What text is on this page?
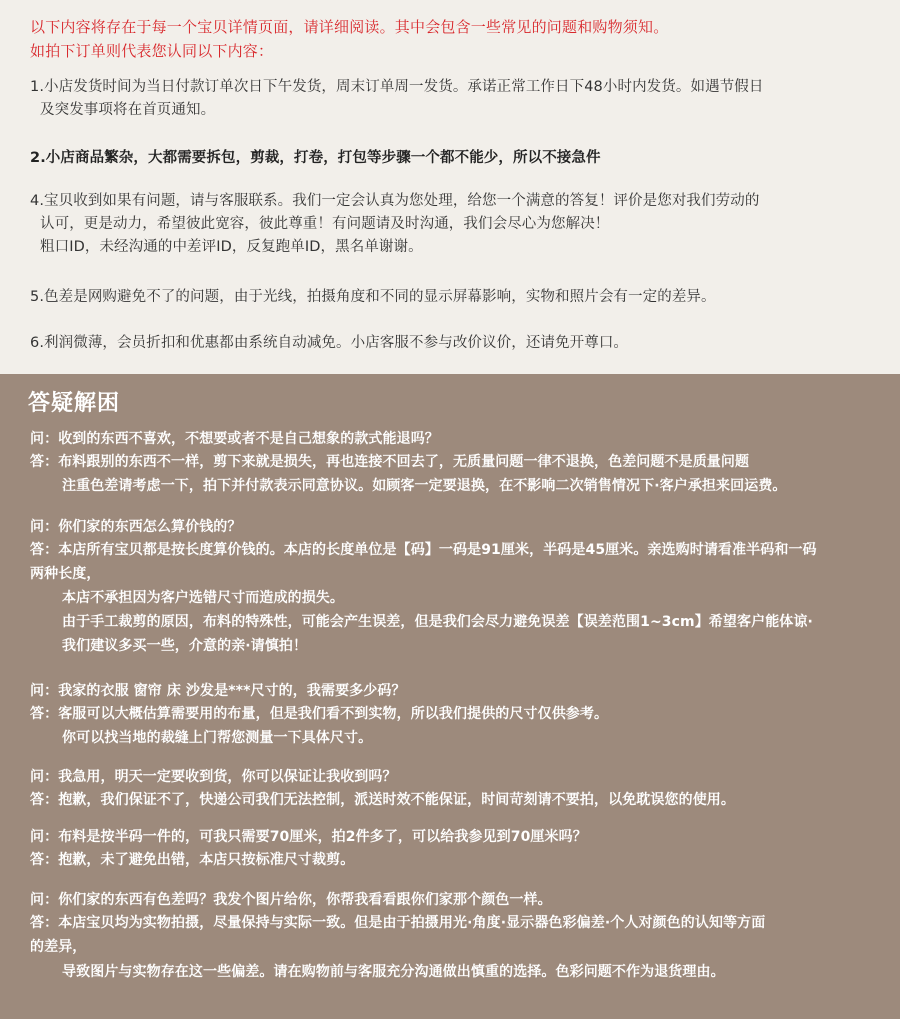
以下内容将存在于每一个宝贝详情页面，请详细阅读。其中会包含一些常见的问题和购物须知。
如拍下订单则代表您认同以下内容：
1.小店发货时间为当日付款订单次日下午发货，周末订单周一发货。承诺正常工作日下48小时内发货。如遇节假日
及突发事项将在首页通知。
2.小店商品繁杂，大都需要拆包，剪裁，打卷，打包等步骤一个都不能少，所以不接急件
4.宝贝收到如果有问题，请与客服联系。我们一定会认真为您处理，给您一个满意的答复！评价是您对我们劳动的
认可，更是动力，希望彼此宽容，彼此尊重！有问题请及时沟通，我们会尽心为您解决！
粗口ID，未经沟通的中差评ID，反复跑单ID，黑名单谢谢。
5.色差是网购避免不了的问题，由于光线，拍摄角度和不同的显示屏幕影响，实物和照片会有一定的差异。
6.利润微薄，会员折扣和优惠都由系统自动减免。小店客服不参与改价议价，还请免开尊口。
答疑解困
问：收到的东西不喜欢，不想要或者不是自己想象的款式能退吗？
答：布料跟别的东西不一样，剪下来就是损失，再也连接不回去了，无质量问题一律不退换，色差问题不是质量问题
注重色差请考虑一下，拍下并付款表示同意协议。如顾客一定要退换，在不影响二次销售情况下·客户承担来回运费。
问：你们家的东西怎么算价钱的？
答：本店所有宝贝都是按长度算价钱的。本店的长度单位是【码】一码是91厘米，半码是45厘米。亲选购时请看准半码和一码
两种长度，
本店不承担因为客户选错尺寸而造成的损失。
由于手工裁剪的原因，布料的特殊性，可能会产生误差，但是我们会尽力避免误差【误差范围1~3cm】希望客户能体谅·
我们建议多买一些，介意的亲·请慎拍！
问：我家的衣服 窗帘 床 沙发是***尺寸的，我需要多少码？
答：客服可以大概估算需要用的布量，但是我们看不到实物，所以我们提供的尺寸仅供参考。
你可以找当地的裁缝上门帮您测量一下具体尺寸。
问：我急用，明天一定要收到货，你可以保证让我收到吗？
答：抱歉，我们保证不了，快递公司我们无法控制，派送时效不能保证，时间苛刻请不要拍，以免耽误您的使用。
问：布料是按半码一件的，可我只需要70厘米，拍2件多了，可以给我参见到70厘米吗？
答：抱歉，未了避免出错，本店只按标准尺寸裁剪。
问：你们家的东西有色差吗？我发个图片给你，你帮我看看跟你们家那个颜色一样。
答：本店宝贝均为实物拍摄，尽量保持与实际一致。但是由于拍摄用光·角度·显示器色彩偏差·个人对颜色的认知等方面
的差异，
导致图片与实物存在这一些偏差。请在购物前与客服充分沟通做出慎重的选择。色彩问题不作为退货理由。
